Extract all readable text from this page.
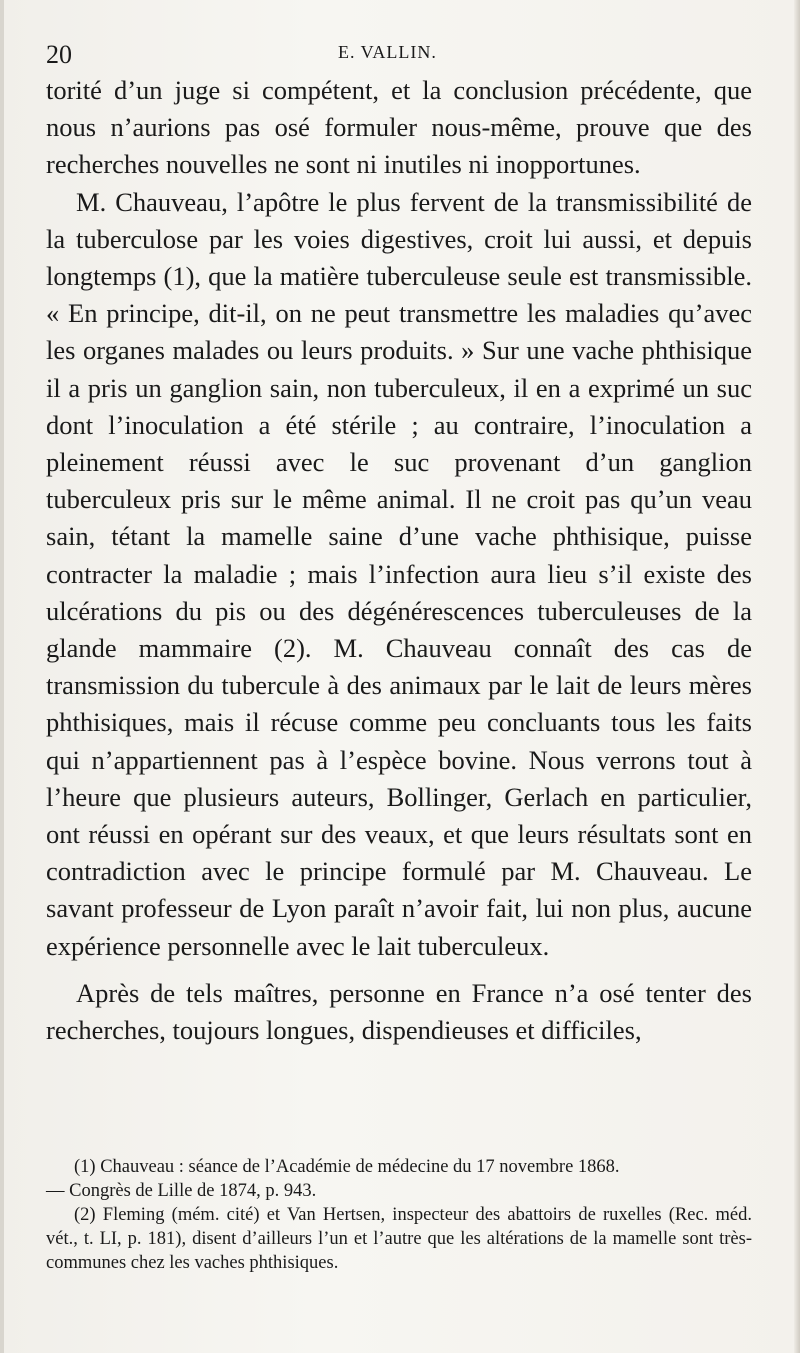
20	E. VALLIN.

torité d’un juge si compétent, et la conclusion précédente, que nous n’aurions pas osé formuler nous-même, prouve que des recherches nouvelles ne sont ni inutiles ni inopportunes.

M. Chauveau, l’apôtre le plus fervent de la transmissibilité de la tuberculose par les voies digestives, croit lui aussi, et depuis longtemps (1), que la matière tuberculeuse seule est transmissible. « En principe, dit-il, on ne peut transmettre les maladies qu’avec les organes malades ou leurs produits. » Sur une vache phthisique il a pris un ganglion sain, non tuberculeux, il en a exprimé un suc dont l’inoculation a été stérile ; au contraire, l’inoculation a pleinement réussi avec le suc provenant d’un ganglion tuberculeux pris sur le même animal. Il ne croit pas qu’un veau sain, tétant la mamelle saine d’une vache phthisique, puisse contracter la maladie ; mais l’infection aura lieu s’il existe des ulcérations du pis ou des dégénérescences tuberculeuses de la glande mammaire (2). M. Chauveau connaît des cas de transmission du tubercule à des animaux par le lait de leurs mères phthisiques, mais il récuse comme peu concluants tous les faits qui n’appartiennent pas à l’espèce bovine. Nous verrons tout à l’heure que plusieurs auteurs, Bollinger, Gerlach en particulier, ont réussi en opérant sur des veaux, et que leurs résultats sont en contradiction avec le principe formulé par M. Chauveau. Le savant professeur de Lyon paraît n’avoir fait, lui non plus, aucune expérience personnelle avec le lait tuberculeux.

Après de tels maîtres, personne en France n’a osé tenter des recherches, toujours longues, dispendieuses et difficiles,

(1) Chauveau : séance de l’Académie de médecine du 17 novembre 1868.

— Congrès de Lille de 1874, p. 943.

(2) Fleming (mém. cité) et Van Hertsen, inspecteur des abattoirs de ruxelles (Rec. méd. vét., t. LI, p. 181), disent d’ailleurs l’un et l’autre que les altérations de la mamelle sont très-communes chez les vaches phthisiques.
